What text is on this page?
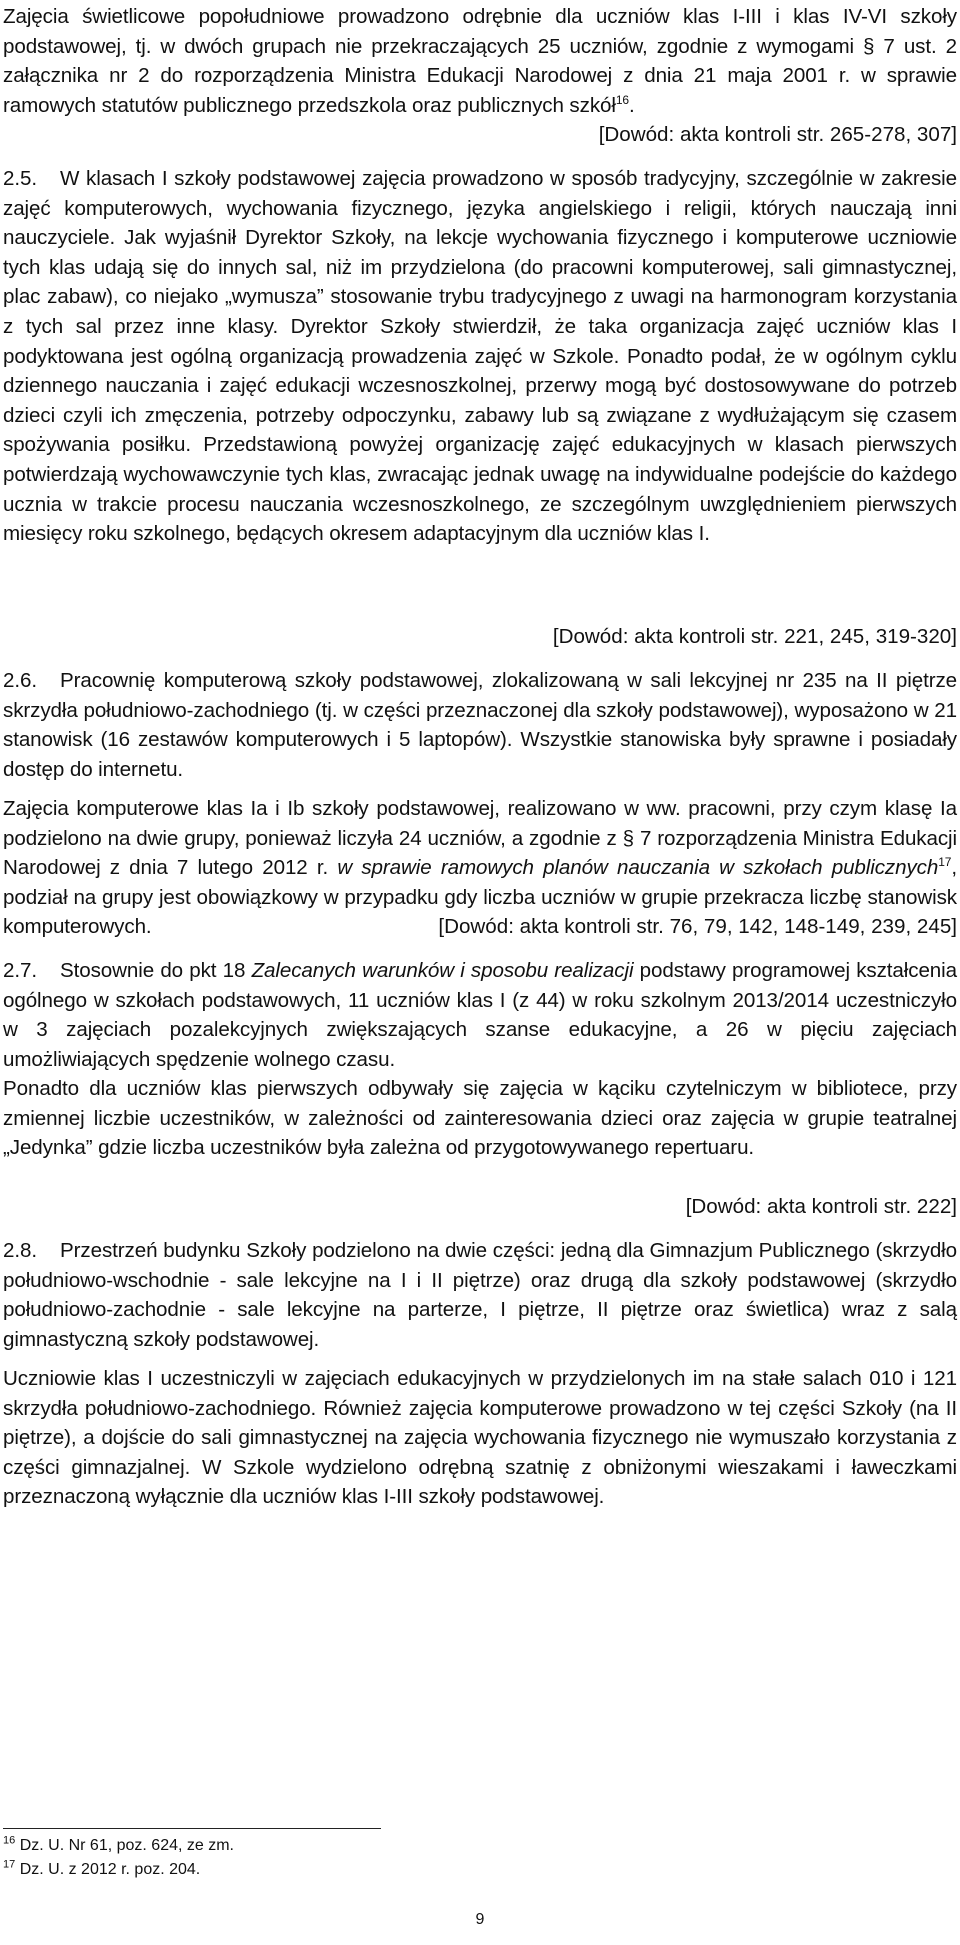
Zajęcia świetlicowe popołudniowe prowadzono odrębnie dla uczniów klas I-III i klas IV-VI szkoły podstawowej, tj. w dwóch grupach nie przekraczających 25 uczniów, zgodnie z wymogami § 7 ust. 2 załącznika nr 2 do rozporządzenia Ministra Edukacji Narodowej z dnia 21 maja 2001 r. w sprawie ramowych statutów publicznego przedszkola oraz publicznych szkół$^{16}$.

[Dowód: akta kontroli str. 265-278, 307]

2.5. W klasach I szkoły podstawowej zajęcia prowadzono w sposób tradycyjny, szczególnie w zakresie zajęć komputerowych, wychowania fizycznego, języka angielskiego i religii, których nauczają inni nauczyciele. Jak wyjaśnił Dyrektor Szkoły, na lekcje wychowania fizycznego i komputerowe uczniowie tych klas udają się do innych sal, niż im przydzielona (do pracowni komputerowej, sali gimnastycznej, plac zabaw), co niejako „wymusza” stosowanie trybu tradycyjnego z uwagi na harmonogram korzystania z tych sal przez inne klasy. Dyrektor Szkoły stwierdził, że taka organizacja zajęć uczniów klas I podyktowana jest ogólną organizacją prowadzenia zajęć w Szkole. Ponadto podał, że w ogólnym cyklu dziennego nauczania i zajęć edukacji wczesnoszkolnej, przerwy mogą być dostosowywane do potrzeb dzieci czyli ich zmęczenia, potrzeby odpoczynku, zabawy lub są związane z wydłużającym się czasem spożywania posiłku. Przedstawioną powyżej organizację zajęć edukacyjnych w klasach pierwszych potwierdzają wychowawczynie tych klas, zwracając jednak uwagę na indywidualne podejście do każdego ucznia w trakcie procesu nauczania wczesnoszkolnego, ze szczególnym uwzględnieniem pierwszych miesięcy roku szkolnego, będących okresem adaptacyjnym dla uczniów klas I.

[Dowód: akta kontroli str. 221, 245, 319-320]

2.6. Pracownię komputerową szkoły podstawowej, zlokalizowaną w sali lekcyjnej nr 235 na II piętrze skrzydła południowo-zachodniego (tj. w części przeznaczonej dla szkoły podstawowej), wyposażono w 21 stanowisk (16 zestawów komputerowych i 5 laptopów). Wszystkie stanowiska były sprawne i posiadały dostęp do internetu.

Zajęcia komputerowe klas Ia i Ib szkoły podstawowej, realizowano w ww. pracowni, przy czym klasę Ia podzielono na dwie grupy, ponieważ liczyła 24 uczniów, a zgodnie z § 7 rozporządzenia Ministra Edukacji Narodowej z dnia 7 lutego 2012 r. w sprawie ramowych planów nauczania w szkołach publicznych$^{17}$, podział na grupy jest obowiązkowy w przypadku gdy liczba uczniów w grupie przekracza liczbę stanowisk komputerowych.	[Dowód: akta kontroli str. 76, 79, 142, 148-149, 239, 245]

2.7. Stosownie do pkt 18 Zalecanych warunków i sposobu realizacji podstawy programowej kształcenia ogólnego w szkołach podstawowych, 11 uczniów klas I (z 44) w roku szkolnym 2013/2014 uczestniczyło w 3 zajęciach pozalekcyjnych zwiększających szanse edukacyjne, a 26 w pięciu zajęciach umożliwiających spędzenie wolnego czasu.

Ponadto dla uczniów klas pierwszych odbywały się zajęcia w kąciku czytelniczym w bibliotece, przy zmiennej liczbie uczestników, w zależności od zainteresowania dzieci oraz zajęcia w grupie teatralnej „Jedynka” gdzie liczba uczestników była zależna od przygotowywanego repertuaru.

[Dowód: akta kontroli str. 222]

2.8. Przestrzeń budynku Szkoły podzielono na dwie części: jedną dla Gimnazjum Publicznego (skrzydło południowo-wschodnie - sale lekcyjne na I i II piętrze) oraz drugą dla szkoły podstawowej (skrzydło południowo-zachodnie - sale lekcyjne na parterze, I piętrze, II piętrze oraz świetlica) wraz z salą gimnastyczną szkoły podstawowej.

Uczniowie klas I uczestniczyli w zajęciach edukacyjnych w przydzielonych im na stałe salach 010 i 121 skrzydła południowo-zachodniego. Również zajęcia komputerowe prowadzono w tej części Szkoły (na II piętrze), a dojście do sali gimnastycznej na zajęcia wychowania fizycznego nie wymuszało korzystania z części gimnazjalnej. W Szkole wydzielono odrębną szatnię z obniżonymi wieszakami i ławeczkami przeznaczoną wyłącznie dla uczniów klas I-III szkoły podstawowej.

$^{16}$ Dz. U. Nr 61, poz. 624, ze zm.

$^{17}$ Dz. U. z 2012 r. poz. 204.

9
